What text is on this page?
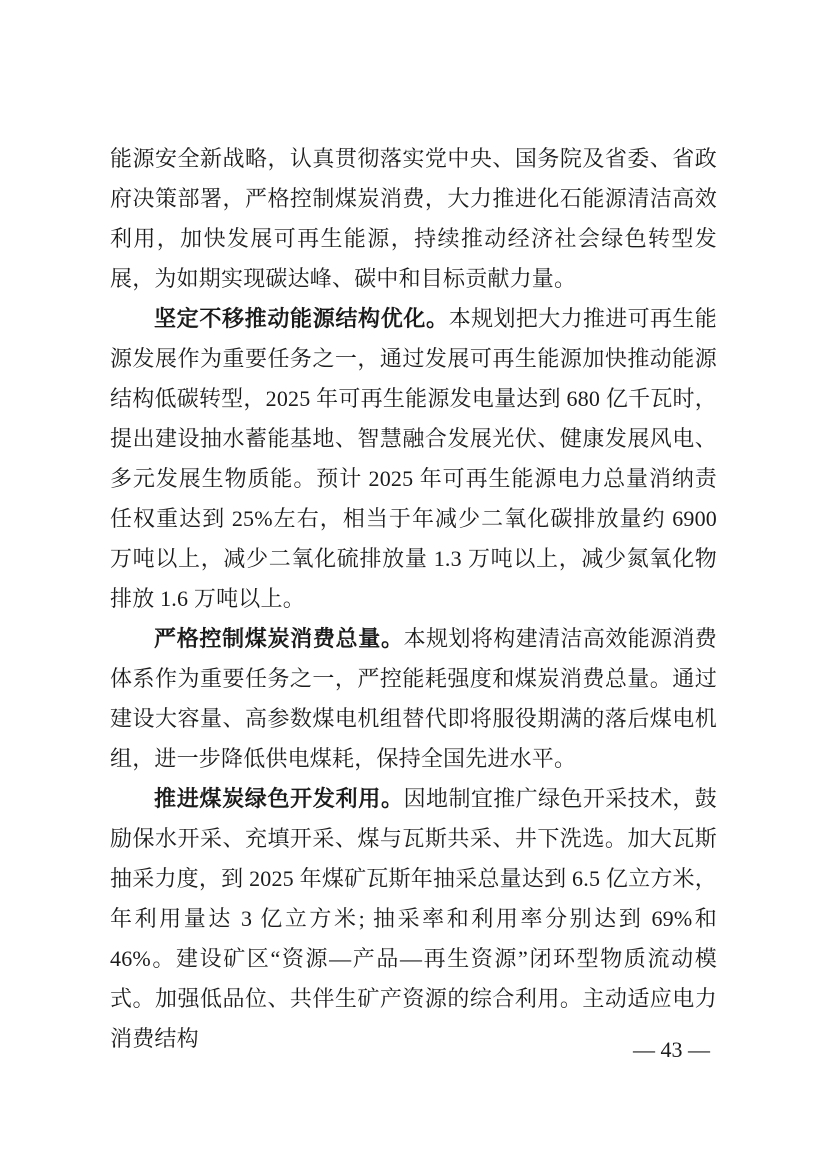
能源安全新战略，认真贯彻落实党中央、国务院及省委、省政府决策部署，严格控制煤炭消费，大力推进化石能源清洁高效利用，加快发展可再生能源，持续推动经济社会绿色转型发展，为如期实现碳达峰、碳中和目标贡献力量。

坚定不移推动能源结构优化。本规划把大力推进可再生能源发展作为重要任务之一，通过发展可再生能源加快推动能源结构低碳转型，2025 年可再生能源发电量达到 680 亿千瓦时，提出建设抽水蓄能基地、智慧融合发展光伏、健康发展风电、多元发展生物质能。预计 2025 年可再生能源电力总量消纳责任权重达到 25%左右，相当于年减少二氧化碳排放量约 6900 万吨以上，减少二氧化硫排放量 1.3 万吨以上，减少氮氧化物排放 1.6 万吨以上。

严格控制煤炭消费总量。本规划将构建清洁高效能源消费体系作为重要任务之一，严控能耗强度和煤炭消费总量。通过建设大容量、高参数煤电机组替代即将服役期满的落后煤电机组，进一步降低供电煤耗，保持全国先进水平。

推进煤炭绿色开发利用。因地制宜推广绿色开采技术，鼓励保水开采、充填开采、煤与瓦斯共采、井下洗选。加大瓦斯抽采力度，到 2025 年煤矿瓦斯年抽采总量达到 6.5 亿立方米，年利用量达 3 亿立方米; 抽采率和利用率分别达到 69%和 46%。建设矿区“资源—产品—再生资源”闭环型物质流动模式。加强低品位、共伴生矿产资源的综合利用。主动适应电力消费结构	— 43 —
